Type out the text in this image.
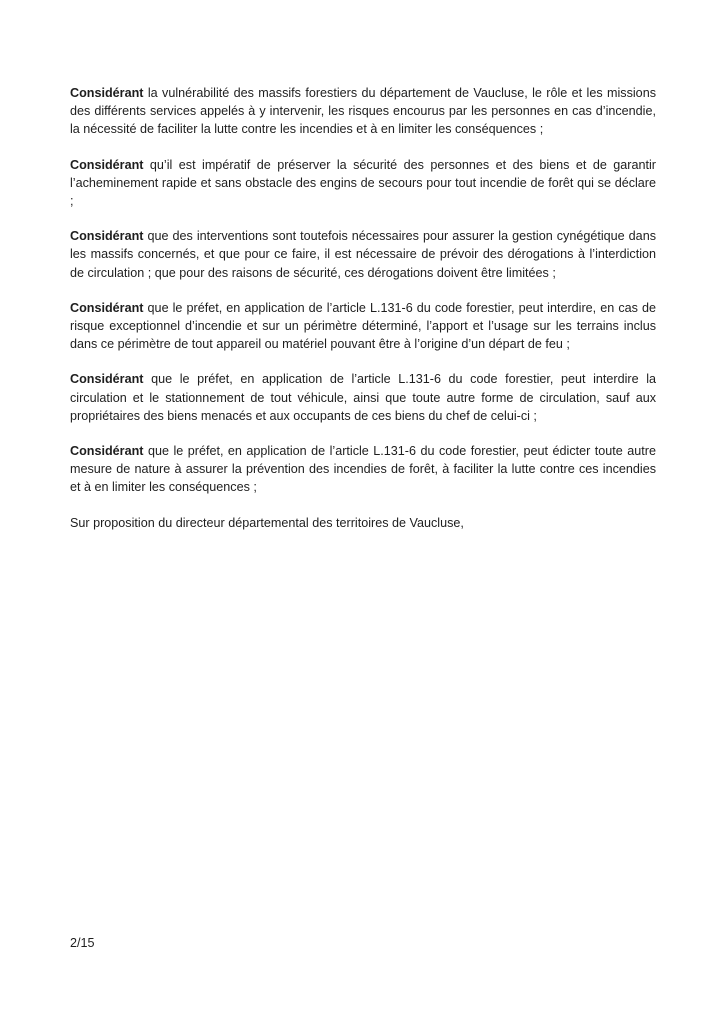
Considérant la vulnérabilité des massifs forestiers du département de Vaucluse, le rôle et les missions des différents services appelés à y intervenir, les risques encourus par les personnes en cas d’incendie, la nécessité de faciliter la lutte contre les incendies et à en limiter les conséquences ;

Considérant qu’il est impératif de préserver la sécurité des personnes et des biens et de garantir l’acheminement rapide et sans obstacle des engins de secours pour tout incendie de forêt qui se déclare ;

Considérant que des interventions sont toutefois nécessaires pour assurer la gestion cynégétique dans les massifs concernés, et que pour ce faire, il est nécessaire de prévoir des dérogations à l’interdiction de circulation ; que pour des raisons de sécurité, ces dérogations doivent être limitées ;

Considérant que le préfet, en application de l’article L.131-6 du code forestier, peut interdire, en cas de risque exceptionnel d’incendie et sur un périmètre déterminé, l’apport et l’usage sur les terrains inclus dans ce périmètre de tout appareil ou matériel pouvant être à l’origine d’un départ de feu ;

Considérant que le préfet, en application de l’article L.131-6 du code forestier, peut interdire la circulation et le stationnement de tout véhicule, ainsi que toute autre forme de circulation, sauf aux propriétaires des biens menacés et aux occupants de ces biens du chef de celui-ci ;

Considérant que le préfet, en application de l’article L.131-6 du code forestier, peut édicter toute autre mesure de nature à assurer la prévention des incendies de forêt, à faciliter la lutte contre ces incendies et à en limiter les conséquences ;

Sur proposition du directeur départemental des territoires de Vaucluse,

2/15
